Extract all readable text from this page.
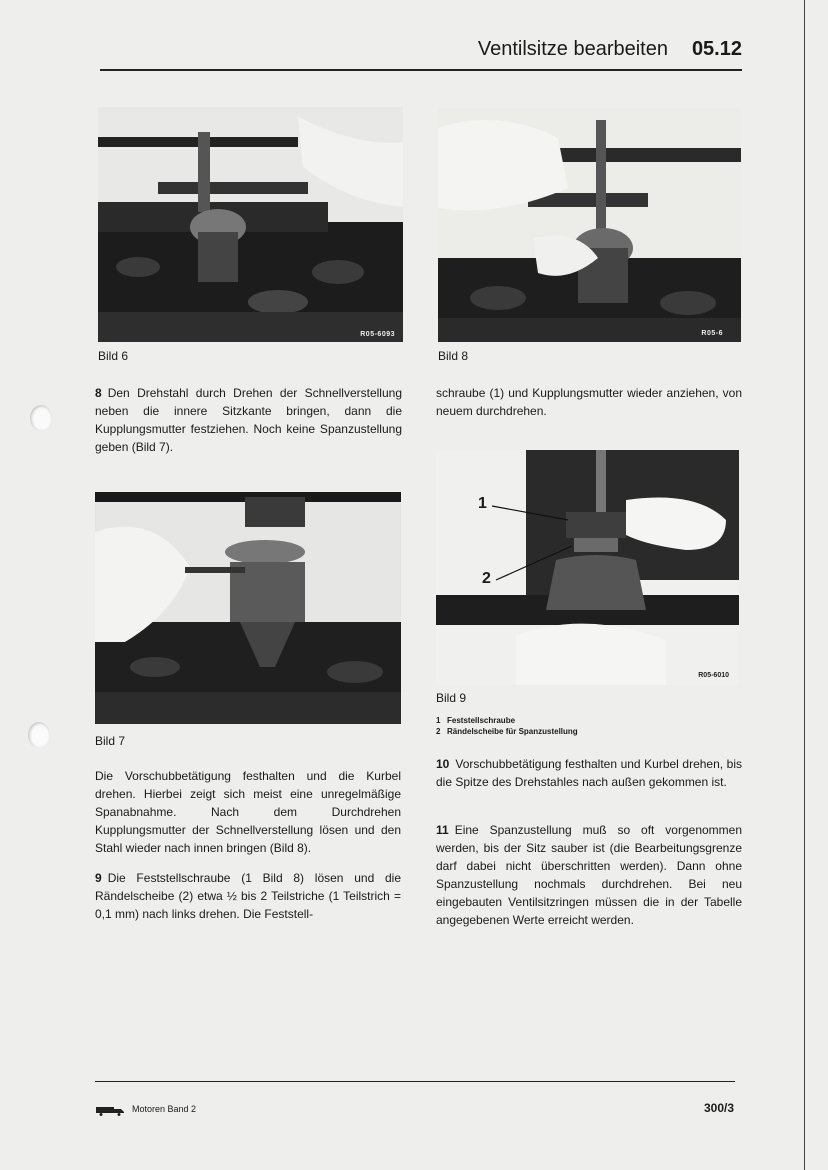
Ventilsitze bearbeiten 05.12
R05-6093
Bild 6
R05-6
Bild 8

8 Den Drehstahl durch Drehen der Schnellverstellung neben die innere Sitzkante bringen, dann die Kupplungsmutter festziehen. Noch keine Spanzustellung geben (Bild 7).

schraube (1) und Kupplungsmutter wieder anziehen, von neuem durchdrehen.

Bild 7
R05-6010
1
2
Bild 9
1 Feststellschraube
2 Rändelscheibe für Spanzustellung

Die Vorschubbetätigung festhalten und die Kurbel drehen. Hierbei zeigt sich meist eine unregelmäßige Spanabnahme. Nach dem Durchdrehen Kupplungsmutter der Schnellverstellung lösen und den Stahl wieder nach innen bringen (Bild 8).

9 Die Feststellschraube (1 Bild 8) lösen und die Rändelscheibe (2) etwa ½ bis 2 Teilstriche (1 Teilstrich = 0,1 mm) nach links drehen. Die Feststell-

10 Vorschubbetätigung festhalten und Kurbel drehen, bis die Spitze des Drehstahles nach außen gekommen ist.

11 Eine Spanzustellung muß so oft vorgenommen werden, bis der Sitz sauber ist (die Bearbeitungsgrenze darf dabei nicht überschritten werden). Dann ohne Spanzustellung nochmals durchdrehen. Bei neu eingebauten Ventilsitzringen müssen die in der Tabelle angegebenen Werte erreicht werden.

Motoren Band 2	300/3
